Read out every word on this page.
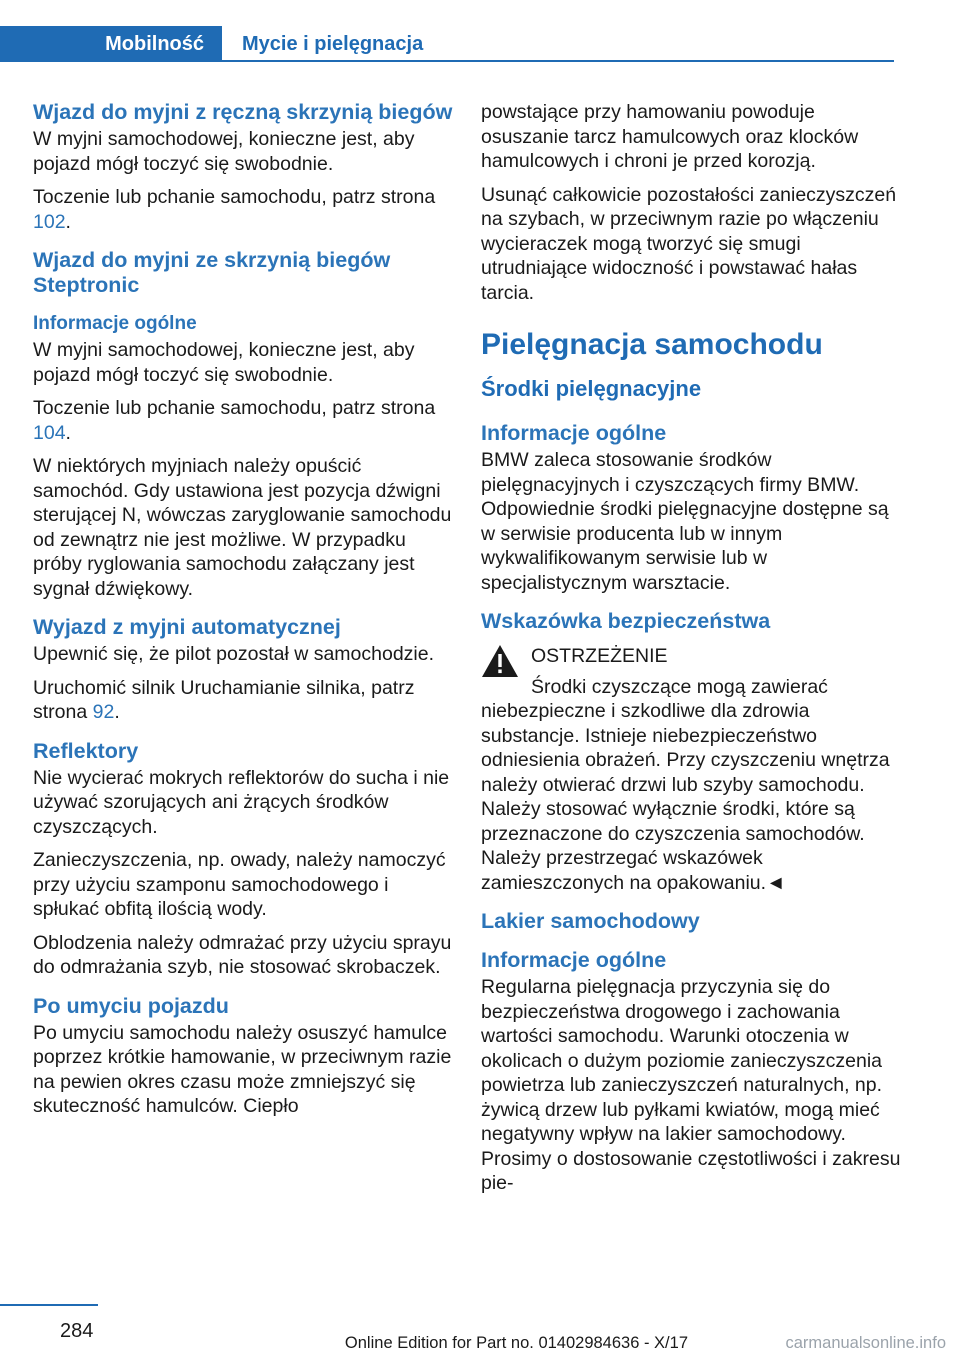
Mobilność Mycie i pielęgnacja
Wjazd do myjni z ręczną skrzynią biegów

W myjni samochodowej, konieczne jest, aby pojazd mógł toczyć się swobodnie.

Toczenie lub pchanie samochodu, patrz strona 102.

Wjazd do myjni ze skrzynią biegów Steptronic
Informacje ogólne

W myjni samochodowej, konieczne jest, aby pojazd mógł toczyć się swobodnie.

Toczenie lub pchanie samochodu, patrz strona 104.

W niektórych myjniach należy opuścić samochód. Gdy ustawiona jest pozycja dźwigni sterującej N, wówczas zaryglowanie samochodu od zewnątrz nie jest możliwe. W przypadku próby ryglowania samochodu załączany jest sygnał dźwiękowy.

Wyjazd z myjni automatycznej

Upewnić się, że pilot pozostał w samochodzie.

Uruchomić silnik Uruchamianie silnika, patrz strona 92.

Reflektory

Nie wycierać mokrych reflektorów do sucha i nie używać szorujących ani żrących środków czyszczących.

Zanieczyszczenia, np. owady, należy namoczyć przy użyciu szamponu samochodowego i spłukać obfitą ilością wody.

Oblodzenia należy odmrażać przy użyciu sprayu do odmrażania szyb, nie stosować skrobaczek.

Po umyciu pojazdu

Po umyciu samochodu należy osuszyć hamulce poprzez krótkie hamowanie, w przeciwnym razie na pewien okres czasu może zmniejszyć się skuteczność hamulców. Ciepło

powstające przy hamowaniu powoduje osuszanie tarcz hamulcowych oraz klocków hamulcowych i chroni je przed korozją.

Usunąć całkowicie pozostałości zanieczyszczeń na szybach, w przeciwnym razie po włączeniu wycieraczek mogą tworzyć się smugi utrudniające widoczność i powstawać hałas tarcia.

Pielęgnacja samochodu
Środki pielęgnacyjne
Informacje ogólne

BMW zaleca stosowanie środków pielęgnacyjnych i czyszczących firmy BMW. Odpowiednie środki pielęgnacyjne dostępne są w serwisie producenta lub w innym wykwalifikowanym serwisie lub w specjalistycznym warsztacie.

Wskazówka bezpieczeństwa
OSTRZEŻENIE
Środki czyszczące mogą zawierać niebezpieczne i szkodliwe dla zdrowia substancje. Istnieje niebezpieczeństwo odniesienia obrażeń. Przy czyszczeniu wnętrza należy otwierać drzwi lub szyby samochodu. Należy stosować wyłącznie środki, które są przeznaczone do czyszczenia samochodów. Należy przestrzegać wskazówek zamieszczonych na opakowaniu.◄
Lakier samochodowy
Informacje ogólne

Regularna pielęgnacja przyczynia się do bezpieczeństwa drogowego i zachowania wartości samochodu. Warunki otoczenia w okolicach o dużym poziomie zanieczyszczenia powietrza lub zanieczyszczeń naturalnych, np. żywicą drzew lub pyłkami kwiatów, mogą mieć negatywny wpływ na lakier samochodowy. Prosimy o dostosowanie częstotliwości i zakresu pie-

284
Online Edition for Part no. 01402984636 - X/17	carmanualsonline.info
